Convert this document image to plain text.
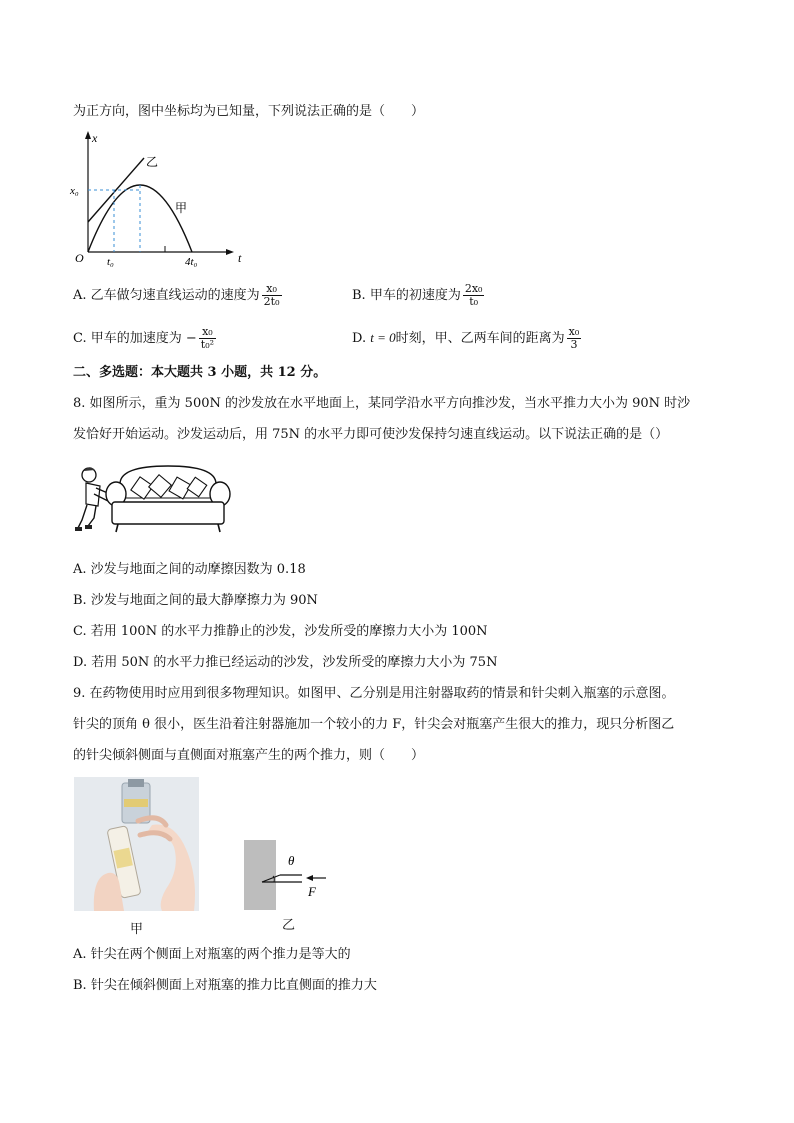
为正方向，图中坐标均为已知量，下列说法正确的是（　　）
x
t
O
x₀
t₀	4t₀
乙
甲
A. 乙车做匀速直线运动的速度为 $\frac{\text{x₀}}{\text{2t₀}}$	B. 甲车的初速度为 $\frac{\text{2x₀}}{\text{t₀}}$
C. 甲车的加速度为 − $\frac{\text{x₀}}{\text{t₀²}}$	D. t = 0时刻，甲、乙两车间的距离为 $\frac{\text{x₀}}{3}$
二、多选题：本大题共 3 小题，共 12 分。
8. 如图所示，重为 500N 的沙发放在水平地面上，某同学沿水平方向推沙发，当水平推力大小为 90N 时沙
发恰好开始运动。沙发运动后，用 75N 的水平力即可使沙发保持匀速直线运动。以下说法正确的是（）
A. 沙发与地面之间的动摩擦因数为 0.18
B. 沙发与地面之间的最大静摩擦力为 90N
C. 若用 100N 的水平力推静止的沙发，沙发所受的摩擦力大小为 100N
D. 若用 50N 的水平力推已经运动的沙发，沙发所受的摩擦力大小为 75N
9. 在药物使用时应用到很多物理知识。如图甲、乙分别是用注射器取药的情景和针尖刺入瓶塞的示意图。
针尖的顶角 θ 很小，医生沿着注射器施加一个较小的力 F，针尖会对瓶塞产生很大的推力，现只分析图乙
的针尖倾斜侧面与直侧面对瓶塞产生的两个推力，则（　　）
甲
θ
F
乙
A. 针尖在两个侧面上对瓶塞的两个推力是等大的
B. 针尖在倾斜侧面上对瓶塞的推力比直侧面的推力大
